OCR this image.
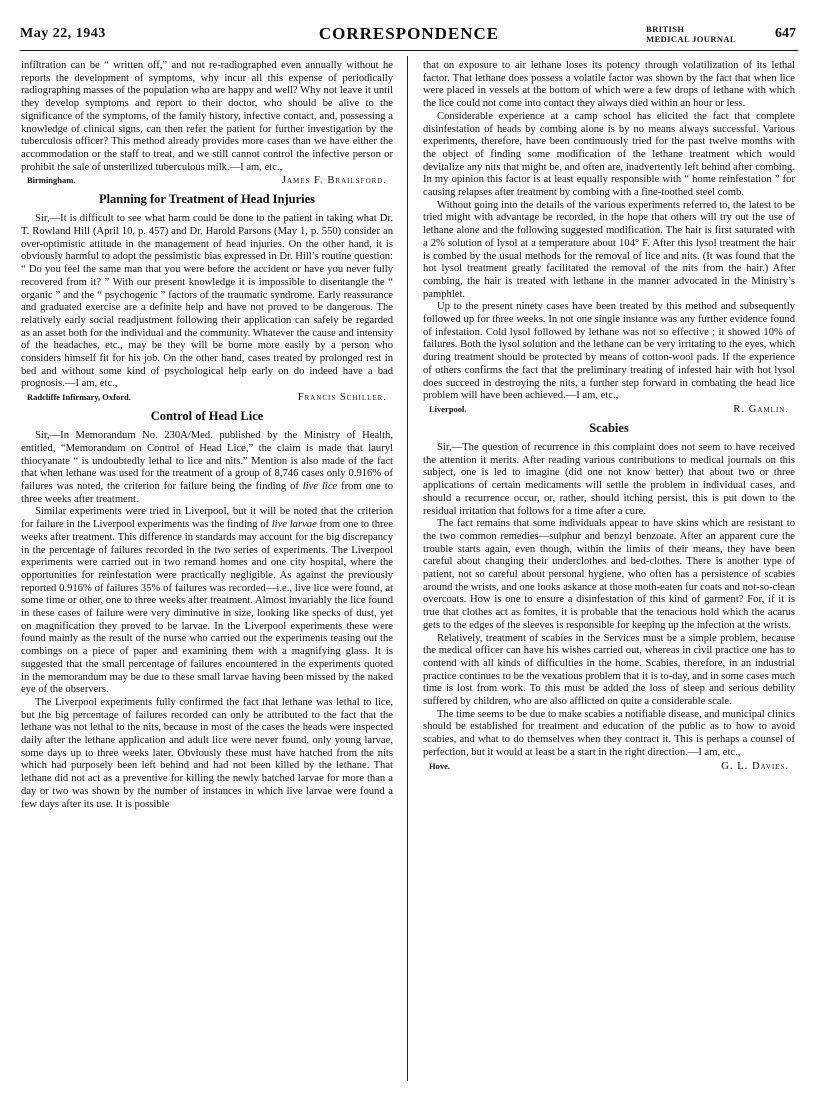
May 22, 1943	CORRESPONDENCE	BRITISH
MEDICAL JOURNAL	647

infiltration can be “ written off,” and not re-radiographed even annually without he reports the development of symptoms, why incur all this expense of periodically radiographing masses of the population who are happy and well? Why not leave it until they develop symptoms and report to their doctor, who should be alive to the significance of the symptoms, of the family history, infective contact, and, possessing a knowledge of clinical signs, can then refer the patient for further investigation by the tuberculosis officer? This method already provides more cases than we have either the accommodation or the staff to treat, and we still cannot control the infective person or prohibit the sale of unsterilized tuberculous milk.—I am, etc.,

Birmingham.	James F. Brailsford.
Planning for Treatment of Head Injuries

Sir,—It is difficult to see what harm could be done to the patient in taking what Dr. T. Rowland Hill (April 10, p. 457) and Dr. Harold Parsons (May 1, p. 550) consider an over-optimistic attitude in the management of head injuries. On the other hand, it is obviously harmful to adopt the pessimistic bias expressed in Dr. Hill’s routine question: “ Do you feel the same man that you were before the accident or have you never fully recovered from it? ” With our present knowledge it is impossible to disentangle the “ organic ” and the “ psychogenic ” factors of the traumatic syndrome. Early reassurance and graduated exercise are a definite help and have not proved to be dangerous. The relatively early social readjustment following their application can safely be regarded as an asset both for the individual and the community. Whatever the cause and intensity of the headaches, etc., may be they will be borne more easily by a person who considers himself fit for his job. On the other hand, cases treated by prolonged rest in bed and without some kind of psychological help early on do indeed have a bad prognosis.—I am, etc.,

Radcliffe Infirmary, Oxford.	Francis Schiller.
Control of Head Lice

Sir,—In Memorandum No. 230A/Med. published by the Ministry of Health, entitled, “Memorandum on Control of Head Lice,” the claim is made that lauryl thiocyanate “ is undoubtedly lethal to lice and nits.” Mention is also made of the fact that when lethane was used for the treatment of a group of 8,746 cases only 0.916% of failures was noted, the criterion for failure being the finding of live lice from one to three weeks after treatment.

Similar experiments were tried in Liverpool, but it will be noted that the criterion for failure in the Liverpool experiments was the finding of live larvae from one to three weeks after treatment. This difference in standards may account for the big discrepancy in the percentage of failures recorded in the two series of experiments. The Liverpool experiments were carried out in two remand homes and one city hospital, where the opportunities for reinfestation were practically negligible. As against the previously reported 0.916% of failures 35% of failures was recorded—i.e., live lice were found, at some time or other, one to three weeks after treatment. Almost invariably the lice found in these cases of failure were very diminutive in size, looking like specks of dust, yet on magnification they proved to be larvae. In the Liverpool experiments these were found mainly as the result of the nurse who carried out the experiments teasing out the combings on a piece of paper and examining them with a magnifying glass. It is suggested that the small percentage of failures encountered in the experiments quoted in the memorandum may be due to these small larvae having been missed by the naked eye of the observers.

The Liverpool experiments fully confirmed the fact that lethane was lethal to lice, but the big percentage of failures recorded can only be attributed to the fact that the lethane was not lethal to the nits, because in most of the cases the heads were inspected daily after the lethane application and adult lice were never found, only young larvae, some days up to three weeks later. Obviously these must have hatched from the nits which had purposely been left behind and had not been killed by the lethane. That lethane did not act as a preventive for killing the newly hatched larvae for more than a day or two was shown by the number of instances in which live larvae were found a few days after its use. It is possible

that on exposure to air lethane loses its potency through volatilization of its lethal factor. That lethane does possess a volatile factor was shown by the fact that when lice were placed in vessels at the bottom of which were a few drops of lethane with which the lice could not come into contact they always died within an hour or less.

Considerable experience at a camp school has elicited the fact that complete disinfestation of heads by combing alone is by no means always successful. Various experiments, therefore, have been continuously tried for the past twelve months with the object of finding some modification of the lethane treatment which would devitalize any nits that might be, and often are, inadvertently left behind after combing. In my opinion this factor is at least equally responsible with “ home reinfestation ” for causing relapses after treatment by combing with a fine-toothed steel comb.

Without going into the details of the various experiments referred to, the latest to be tried might with advantage be recorded, in the hope that others will try out the use of lethane alone and the following suggested modification. The hair is first saturated with a 2% solution of lysol at a temperature about 104° F. After this lysol treatment the hair is combed by the usual methods for the removal of lice and nits. (It was found that the hot lysol treatment greatly facilitated the removal of the nits from the hair.) After combing, the hair is treated with lethane in the manner advocated in the Ministry’s pamphlet.

Up to the present ninety cases have been treated by this method and subsequently followed up for three weeks. In not one single instance was any further evidence found of infestation. Cold lysol followed by lethane was not so effective ; it showed 10% of failures. Both the lysol solution and the lethane can be very irritating to the eyes, which during treatment should be protected by means of cotton-wool pads. If the experience of others confirms the fact that the preliminary treating of infested hair with hot lysol does succeed in destroying the nits, a further step forward in combating the head lice problem will have been achieved.—I am, etc.,

Liverpool.	R. Gamlin.
Scabies

Sir,—The question of recurrence in this complaint does not seem to have received the attention it merits. After reading various contributions to medical journals on this subject, one is led to imagine (did one not know better) that about two or three applications of certain medicaments will settle the problem in individual cases, and should a recurrence occur, or, rather, should itching persist, this is put down to the residual irritation that follows for a time after a cure.

The fact remains that some individuals appear to have skins which are resistant to the two common remedies—sulphur and benzyl benzoate. After an apparent cure the trouble starts again, even though, within the limits of their means, they have been careful about changing their underclothes and bed-clothes. There is another type of patient, not so careful about personal hygiene, who often has a persistence of scabies around the wrists, and one looks askance at those moth-eaten fur coats and not-so-clean overcoats. How is one to ensure a disinfestation of this kind of garment? For, if it is true that clothes act as fomites, it is probable that the tenacious hold which the acarus gets to the edges of the sleeves is responsible for keeping up the infection at the wrists.

Relatively, treatment of scabies in the Services must be a simple problem, because the medical officer can have his wishes carried out, whereas in civil practice one has to contend with all kinds of difficulties in the home. Scabies, therefore, in an industrial practice continues to be the vexatious problem that it is to-day, and in some cases much time is lost from work. To this must be added the loss of sleep and serious debility suffered by children, who are also afflicted on quite a considerable scale.

The time seems to be due to make scabies a notifiable disease, and municipal clinics should be established for treatment and education of the public as to how to avoid scabies, and what to do themselves when they contract it. This is perhaps a counsel of perfection, but it would at least be a start in the right direction.—I am, etc.,

Hove.	G. L. Davies.
